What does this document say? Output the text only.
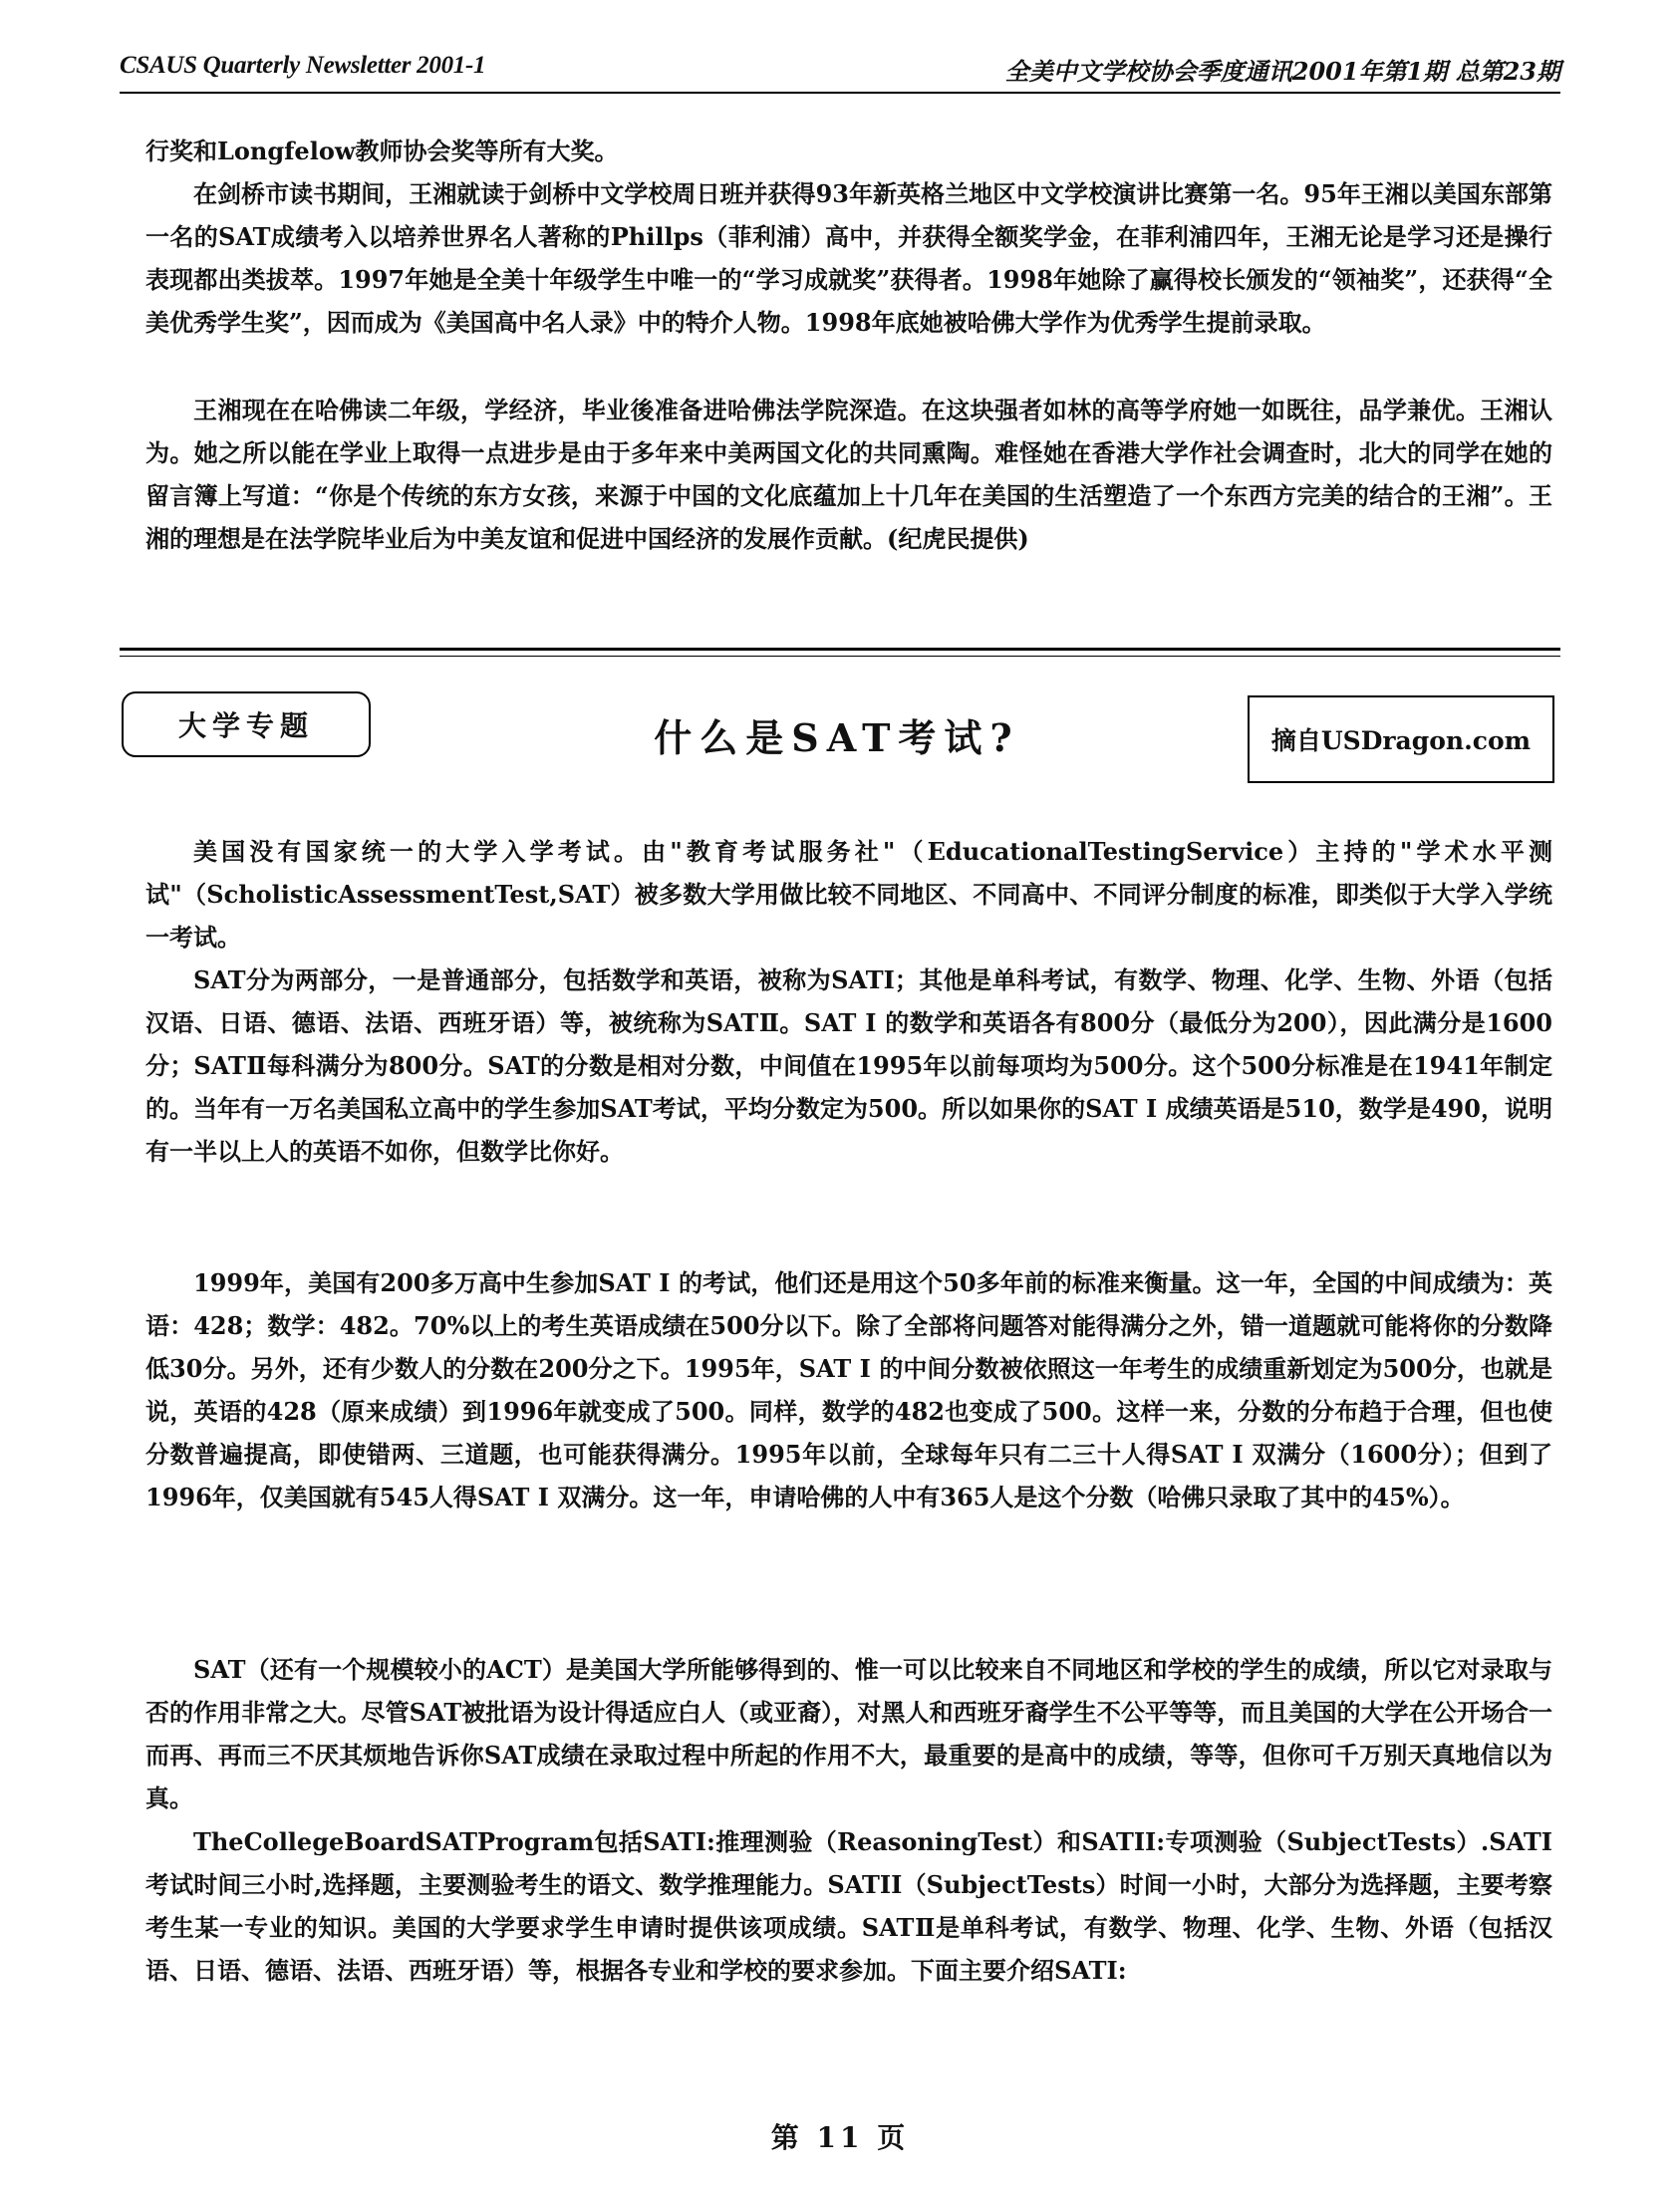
CSAUS Quarterly Newsletter 2001-1	全美中文学校协会季度通讯2001年第1期 总第23期

行奖和Longfelow教师协会奖等所有大奖。

在剑桥市读书期间，王湘就读于剑桥中文学校周日班并获得93年新英格兰地区中文学校演讲比赛第一名。95年王湘以美国东部第一名的SAT成绩考入以培养世界名人著称的Phillps（菲利浦）高中，并获得全额奖学金，在菲利浦四年，王湘无论是学习还是操行表现都出类拔萃。1997年她是全美十年级学生中唯一的“学习成就奖”获得者。1998年她除了赢得校长颁发的“领袖奖”，还获得“全美优秀学生奖”，因而成为《美国高中名人录》中的特介人物。1998年底她被哈佛大学作为优秀学生提前录取。

王湘现在在哈佛读二年级，学经济，毕业後准备进哈佛法学院深造。在这块强者如林的高等学府她一如既往，品学兼优。王湘认为。她之所以能在学业上取得一点进步是由于多年来中美两国文化的共同熏陶。难怪她在香港大学作社会调查时，北大的同学在她的留言簿上写道：“你是个传统的东方女孩，来源于中国的文化底蕴加上十几年在美国的生活塑造了一个东西方完美的结合的王湘”。王湘的理想是在法学院毕业后为中美友谊和促进中国经济的发展作贡献。(纪虎民提供)

大学专题	什么是SAT考试?	摘自USDragon.com

美国没有国家统一的大学入学考试。由"教育考试服务社"（EducationalTestingService）主持的"学术水平测试"（ScholisticAssessmentTest,SAT）被多数大学用做比较不同地区、不同高中、不同评分制度的标准，即类似于大学入学统一考试。

SAT分为两部分，一是普通部分，包括数学和英语，被称为SATI；其他是单科考试，有数学、物理、化学、生物、外语（包括汉语、日语、德语、法语、西班牙语）等，被统称为SATⅡ。SAT I 的数学和英语各有800分（最低分为200），因此满分是1600分；SATⅡ每科满分为800分。SAT的分数是相对分数，中间值在1995年以前每项均为500分。这个500分标准是在1941年制定的。当年有一万名美国私立高中的学生参加SAT考试，平均分数定为500。所以如果你的SAT I 成绩英语是510，数学是490，说明有一半以上人的英语不如你，但数学比你好。

1999年，美国有200多万高中生参加SAT I 的考试，他们还是用这个50多年前的标准来衡量。这一年，全国的中间成绩为：英语：428；数学：482。70%以上的考生英语成绩在500分以下。除了全部将问题答对能得满分之外，错一道题就可能将你的分数降低30分。另外，还有少数人的分数在200分之下。1995年，SAT I 的中间分数被依照这一年考生的成绩重新划定为500分，也就是说，英语的428（原来成绩）到1996年就变成了500。同样，数学的482也变成了500。这样一来，分数的分布趋于合理，但也使分数普遍提高，即使错两、三道题，也可能获得满分。1995年以前，全球每年只有二三十人得SAT I 双满分（1600分）；但到了1996年，仅美国就有545人得SAT I 双满分。这一年，申请哈佛的人中有365人是这个分数（哈佛只录取了其中的45%）。

SAT（还有一个规模较小的ACT）是美国大学所能够得到的、惟一可以比较来自不同地区和学校的学生的成绩，所以它对录取与否的作用非常之大。尽管SAT被批语为设计得适应白人（或亚裔），对黑人和西班牙裔学生不公平等等，而且美国的大学在公开场合一而再、再而三不厌其烦地告诉你SAT成绩在录取过程中所起的作用不大，最重要的是高中的成绩，等等，但你可千万别天真地信以为真。

TheCollegeBoardSATProgram包括SATI:推理测验（ReasoningTest）和SATII:专项测验（SubjectTests）.SATI考试时间三小时,选择题，主要测验考生的语文、数学推理能力。SATII（SubjectTests）时间一小时，大部分为选择题，主要考察考生某一专业的知识。美国的大学要求学生申请时提供该项成绩。SATⅡ是单科考试，有数学、物理、化学、生物、外语（包括汉语、日语、德语、法语、西班牙语）等，根据各专业和学校的要求参加。下面主要介绍SATI:

第 11 页
